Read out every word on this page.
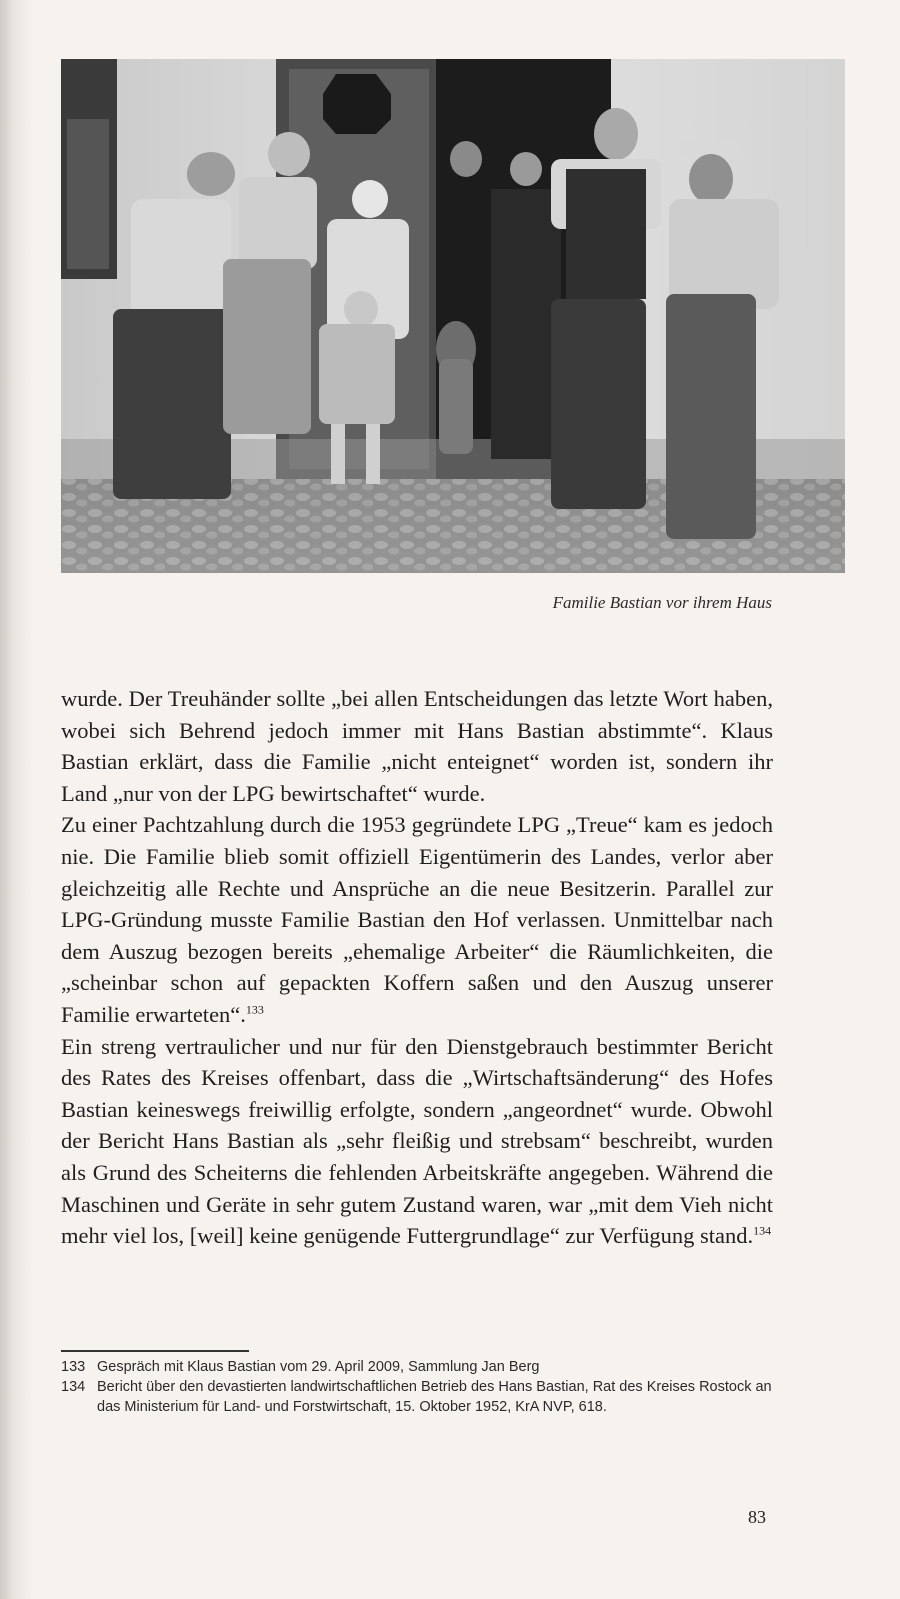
Familie Bastian vor ihrem Haus

wurde. Der Treuhänder sollte „bei allen Entscheidungen das letzte Wort haben, wobei sich Behrend jedoch immer mit Hans Bastian abstimmte“. Klaus Bastian erklärt, dass die Familie „nicht enteignet“ worden ist, sondern ihr Land „nur von der LPG bewirtschaftet“ wurde.

Zu einer Pachtzahlung durch die 1953 gegründete LPG „Treue“ kam es jedoch nie. Die Familie blieb somit offiziell Eigentümerin des Landes, verlor aber gleichzeitig alle Rechte und Ansprüche an die neue Besitzerin. Parallel zur LPG-Gründung musste Familie Bastian den Hof verlassen. Unmittelbar nach dem Auszug bezogen bereits „ehemalige Arbeiter“ die Räumlichkeiten, die „scheinbar schon auf gepackten Koffern saßen und den Auszug unserer Familie erwarteten“.$^{133}$

Ein streng vertraulicher und nur für den Dienstgebrauch bestimmter Bericht des Rates des Kreises offenbart, dass die „Wirtschaftsänderung“ des Hofes Bastian keineswegs freiwillig erfolgte, sondern „angeordnet“ wurde. Obwohl der Bericht Hans Bastian als „sehr fleißig und strebsam“ beschreibt, wurden als Grund des Scheiterns die fehlenden Arbeitskräfte angegeben. Während die Maschinen und Geräte in sehr gutem Zustand waren, war „mit dem Vieh nicht mehr viel los, [weil] keine genügende Futtergrundlage“ zur Verfügung stand.$^{134}$

133 Gespräch mit Klaus Bastian vom 29. April 2009, Sammlung Jan Berg
134 Bericht über den devastierten landwirtschaftlichen Betrieb des Hans Bastian, Rat des Kreises Rostock an das Ministerium für Land- und Forstwirtschaft, 15. Oktober 1952, KrA NVP, 618.
83
